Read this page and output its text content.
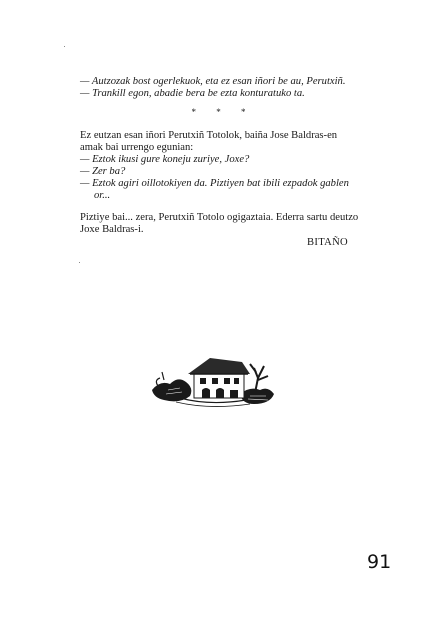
— Autzozak bost ogerlekuok, eta ez esan iñori be au, Perutxiñ.
— Trankill egon, abadie bera be ezta konturatuko ta.
* * *
Ez eutzan esan iñori Perutxiñ Totolok, baiña Jose Baldras-en
amak bai urrengo egunian:
— Eztok ikusi gure koneju zuriye, Joxe?
— Zer ba?
— Eztok agiri oillotokiyen da. Piztiyen bat ibili ezpadok gablen
or...
Piztiye bai... zera, Perutxiñ Totolo ogigaztaia. Ederra sartu deutzo
Joxe Baldras-i.
BITAÑO
91
